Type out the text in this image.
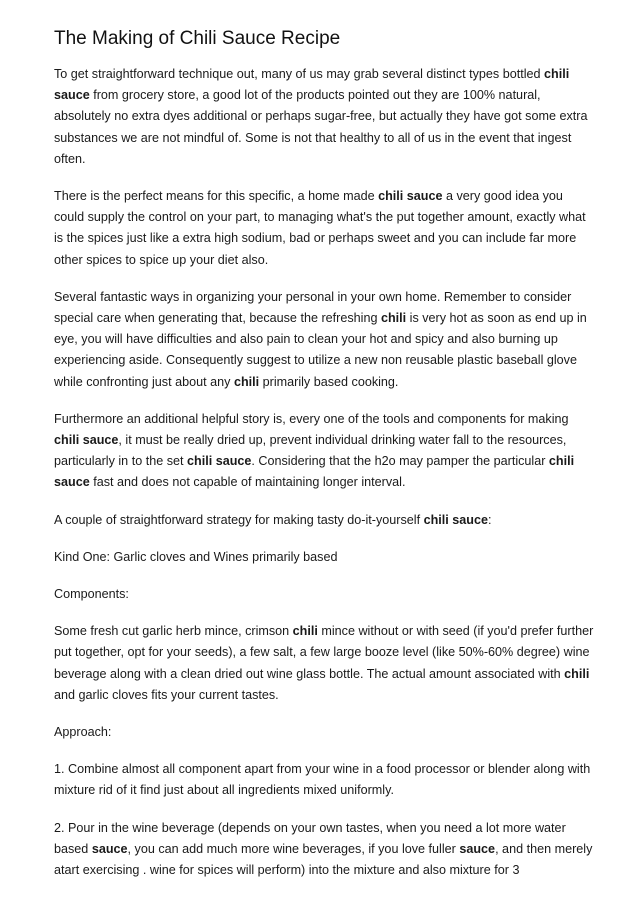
The Making of Chili Sauce Recipe

To get straightforward technique out, many of us may grab several distinct types bottled chili sauce from grocery store, a good lot of the products pointed out they are 100% natural, absolutely no extra dyes additional or perhaps sugar-free, but actually they have got some extra substances we are not mindful of. Some is not that healthy to all of us in the event that ingest often.

There is the perfect means for this specific, a home made chili sauce a very good idea you could supply the control on your part, to managing what's the put together amount, exactly what is the spices just like a extra high sodium, bad or perhaps sweet and you can include far more other spices to spice up your diet also.

Several fantastic ways in organizing your personal in your own home. Remember to consider special care when generating that, because the refreshing chili is very hot as soon as end up in eye, you will have difficulties and also pain to clean your hot and spicy and also burning up experiencing aside. Consequently suggest to utilize a new non reusable plastic baseball glove while confronting just about any chili primarily based cooking.

Furthermore an additional helpful story is, every one of the tools and components for making chili sauce, it must be really dried up, prevent individual drinking water fall to the resources, particularly in to the set chili sauce. Considering that the h2o may pamper the particular chili sauce fast and does not capable of maintaining longer interval.

A couple of straightforward strategy for making tasty do-it-yourself chili sauce:

Kind One: Garlic cloves and Wines primarily based

Components:

Some fresh cut garlic herb mince, crimson chili mince without or with seed (if you'd prefer further put together, opt for your seeds), a few salt, a few large booze level (like 50%-60% degree) wine beverage along with a clean dried out wine glass bottle. The actual amount associated with chili and garlic cloves fits your current tastes.

Approach:

1. Combine almost all component apart from your wine in a food processor or blender along with mixture rid of it find just about all ingredients mixed uniformly.

2. Pour in the wine beverage (depends on your own tastes, when you need a lot more water based sauce, you can add much more wine beverages, if you love fuller sauce, and then merely atart exercising . wine for spices will perform) into the mixture and also mixture for 3
